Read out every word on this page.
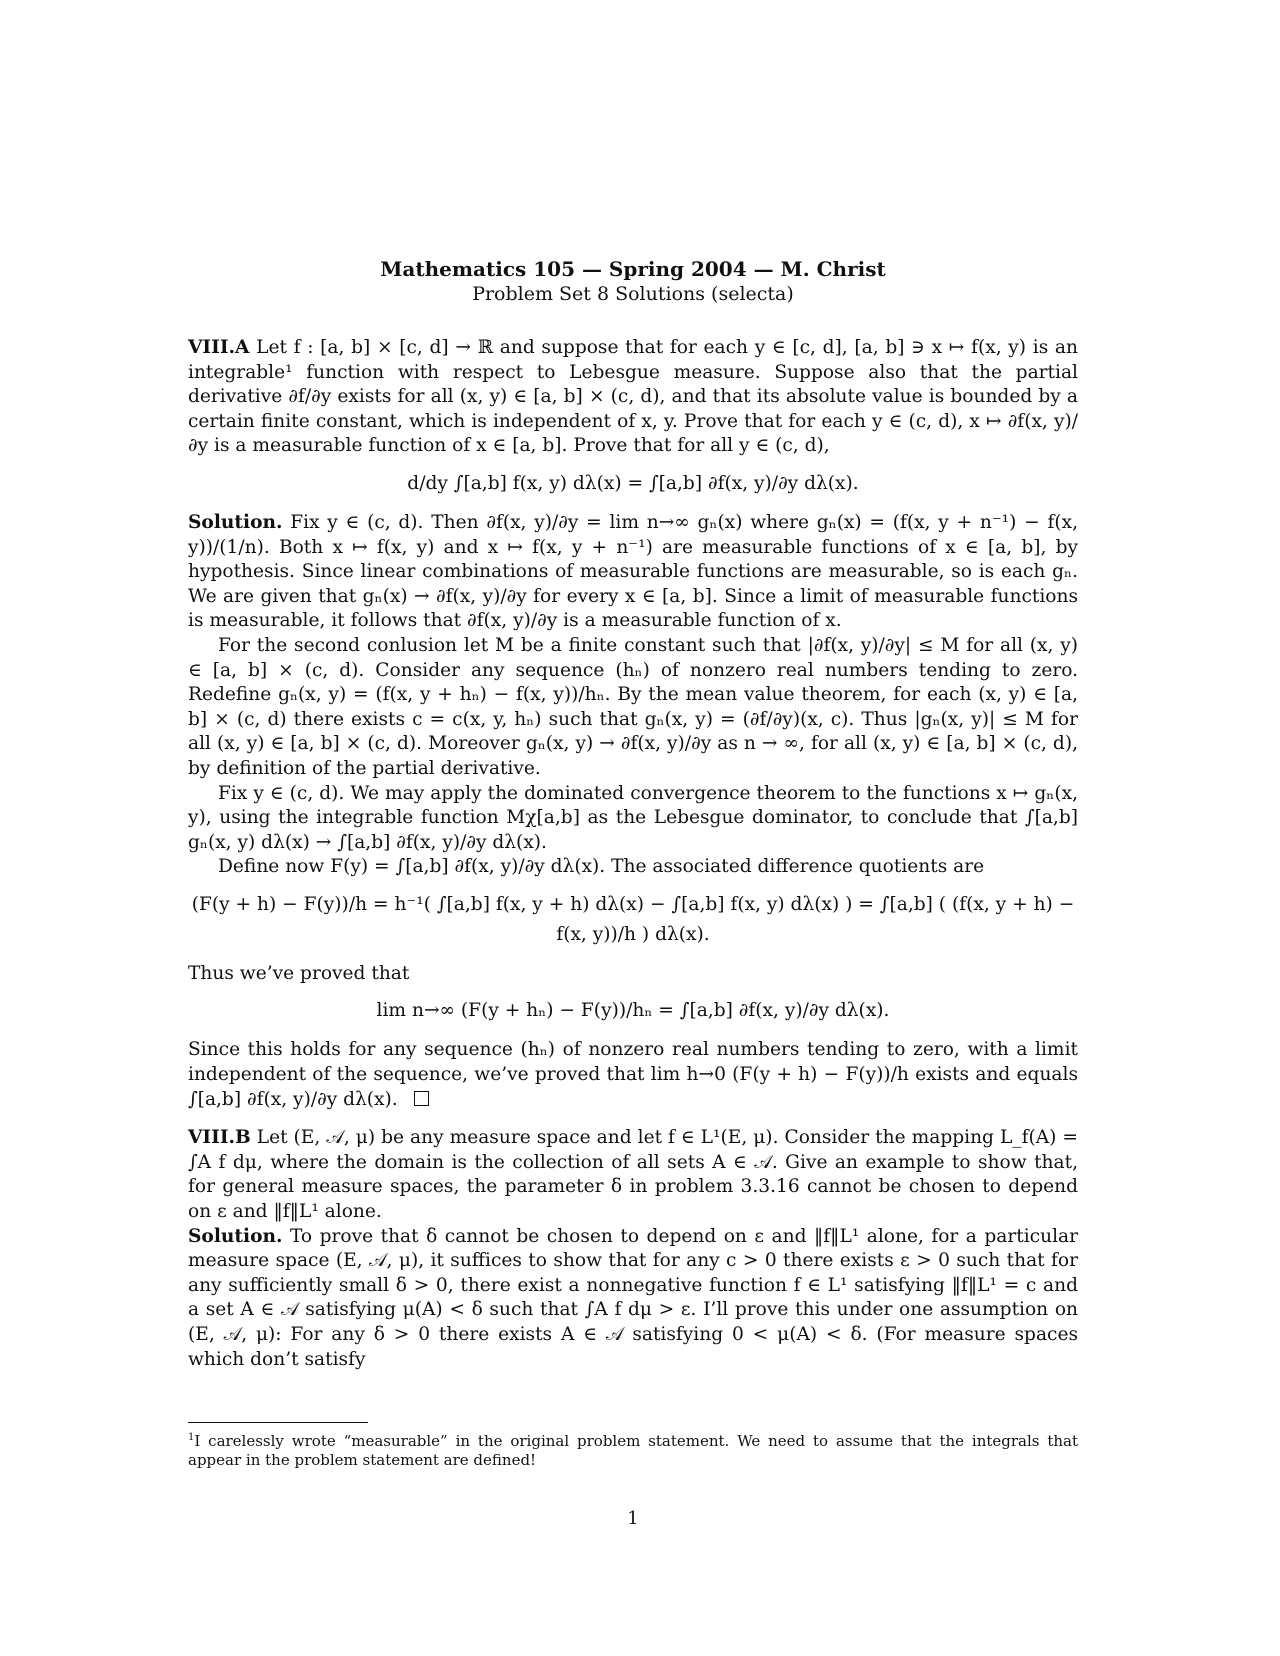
Mathematics 105 — Spring 2004 — M. Christ
Problem Set 8 Solutions (selecta)

VIII.A Let f : [a, b] × [c, d] → ℝ and suppose that for each y ∈ [c, d], [a, b] ∋ x ↦ f(x, y) is an integrable¹ function with respect to Lebesgue measure. Suppose also that the partial derivative ∂f/∂y exists for all (x, y) ∈ [a, b] × (c, d), and that its absolute value is bounded by a certain finite constant, which is independent of x, y. Prove that for each y ∈ (c, d), x ↦ ∂f(x, y)/∂y is a measurable function of x ∈ [a, b]. Prove that for all y ∈ (c, d),

d/dy ∫[a,b] f(x, y) dλ(x) = ∫[a,b] ∂f(x, y)/∂y dλ(x).

Solution. Fix y ∈ (c, d). Then ∂f(x, y)/∂y = lim n→∞ gₙ(x) where gₙ(x) = (f(x, y + n⁻¹) − f(x, y))/(1/n). Both x ↦ f(x, y) and x ↦ f(x, y + n⁻¹) are measurable functions of x ∈ [a, b], by hypothesis. Since linear combinations of measurable functions are measurable, so is each gₙ. We are given that gₙ(x) → ∂f(x, y)/∂y for every x ∈ [a, b]. Since a limit of measurable functions is measurable, it follows that ∂f(x, y)/∂y is a measurable function of x.

For the second conlusion let M be a finite constant such that |∂f(x, y)/∂y| ≤ M for all (x, y) ∈ [a, b] × (c, d). Consider any sequence (hₙ) of nonzero real numbers tending to zero. Redefine gₙ(x, y) = (f(x, y + hₙ) − f(x, y))/hₙ. By the mean value theorem, for each (x, y) ∈ [a, b] × (c, d) there exists c = c(x, y, hₙ) such that gₙ(x, y) = (∂f/∂y)(x, c). Thus |gₙ(x, y)| ≤ M for all (x, y) ∈ [a, b] × (c, d). Moreover gₙ(x, y) → ∂f(x, y)/∂y as n → ∞, for all (x, y) ∈ [a, b] × (c, d), by definition of the partial derivative.

Fix y ∈ (c, d). We may apply the dominated convergence theorem to the functions x ↦ gₙ(x, y), using the integrable function Mχ[a,b] as the Lebesgue dominator, to conclude that ∫[a,b] gₙ(x, y) dλ(x) → ∫[a,b] ∂f(x, y)/∂y dλ(x).

Define now F(y) = ∫[a,b] ∂f(x, y)/∂y dλ(x). The associated difference quotients are

(F(y + h) − F(y))/h = h⁻¹( ∫[a,b] f(x, y + h) dλ(x) − ∫[a,b] f(x, y) dλ(x) ) = ∫[a,b] ( (f(x, y + h) − f(x, y))/h ) dλ(x).

Thus we’ve proved that

lim n→∞ (F(y + hₙ) − F(y))/hₙ = ∫[a,b] ∂f(x, y)/∂y dλ(x).

Since this holds for any sequence (hₙ) of nonzero real numbers tending to zero, with a limit independent of the sequence, we’ve proved that lim h→0 (F(y + h) − F(y))/h exists and equals ∫[a,b] ∂f(x, y)/∂y dλ(x).

VIII.B Let (E, 𝒜, μ) be any measure space and let f ∈ L¹(E, μ). Consider the mapping L_f(A) = ∫A f dμ, where the domain is the collection of all sets A ∈ 𝒜. Give an example to show that, for general measure spaces, the parameter δ in problem 3.3.16 cannot be chosen to depend on ε and ‖f‖L¹ alone.

Solution. To prove that δ cannot be chosen to depend on ε and ‖f‖L¹ alone, for a particular measure space (E, 𝒜, μ), it suffices to show that for any c > 0 there exists ε > 0 such that for any sufficiently small δ > 0, there exist a nonnegative function f ∈ L¹ satisfying ‖f‖L¹ = c and a set A ∈ 𝒜 satisfying μ(A) < δ such that ∫A f dμ > ε. I’ll prove this under one assumption on (E, 𝒜, μ): For any δ > 0 there exists A ∈ 𝒜 satisfying 0 < μ(A) < δ. (For measure spaces which don’t satisfy

$^1$I carelessly wrote “measurable” in the original problem statement. We need to assume that the integrals that appear in the problem statement are defined!
1
